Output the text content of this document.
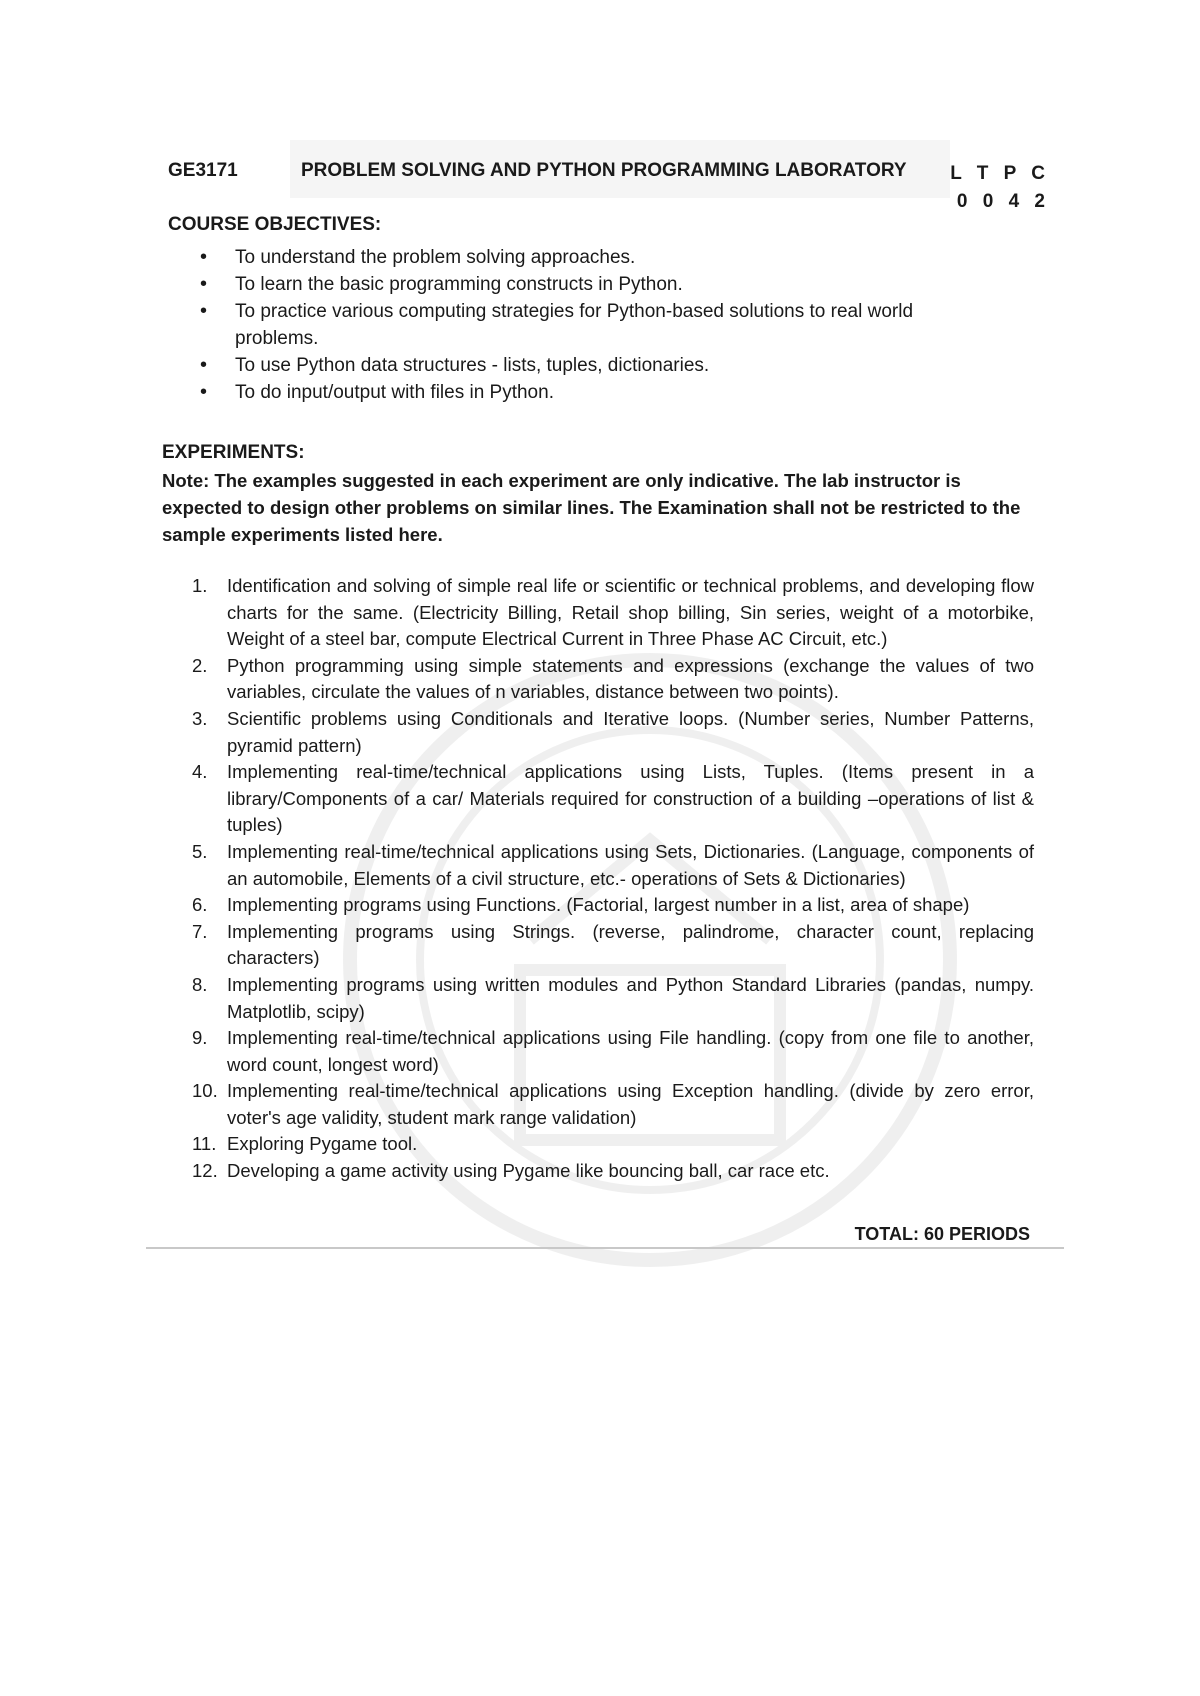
GE3171	PROBLEM SOLVING AND PYTHON PROGRAMMING LABORATORY L T P C
0 0 4 2
COURSE OBJECTIVES:
• To understand the problem solving approaches.
• To learn the basic programming constructs in Python.
• To practice various computing strategies for Python-based solutions to real world problems.
• To use Python data structures - lists, tuples, dictionaries.
• To do input/output with files in Python.
EXPERIMENTS:
Note: The examples suggested in each experiment are only indicative. The lab instructor is expected to design other problems on similar lines. The Examination shall not be restricted to the sample experiments listed here.
1. Identification and solving of simple real life or scientific or technical problems, and developing flow charts for the same. (Electricity Billing, Retail shop billing, Sin series, weight of a motorbike, Weight of a steel bar, compute Electrical Current in Three Phase AC Circuit, etc.)
2. Python programming using simple statements and expressions (exchange the values of two variables, circulate the values of n variables, distance between two points).
3. Scientific problems using Conditionals and Iterative loops. (Number series, Number Patterns, pyramid pattern)
4. Implementing real-time/technical applications using Lists, Tuples. (Items present in a library/Components of a car/ Materials required for construction of a building –operations of list & tuples)
5. Implementing real-time/technical applications using Sets, Dictionaries. (Language, components of an automobile, Elements of a civil structure, etc.- operations of Sets & Dictionaries)
6. Implementing programs using Functions. (Factorial, largest number in a list, area of shape)
7. Implementing programs using Strings. (reverse, palindrome, character count, replacing characters)
8. Implementing programs using written modules and Python Standard Libraries (pandas, numpy. Matplotlib, scipy)
9. Implementing real-time/technical applications using File handling. (copy from one file to another, word count, longest word)
10. Implementing real-time/technical applications using Exception handling. (divide by zero error, voter's age validity, student mark range validation)
11. Exploring Pygame tool.
12. Developing a game activity using Pygame like bouncing ball, car race etc.
TOTAL: 60 PERIODS
